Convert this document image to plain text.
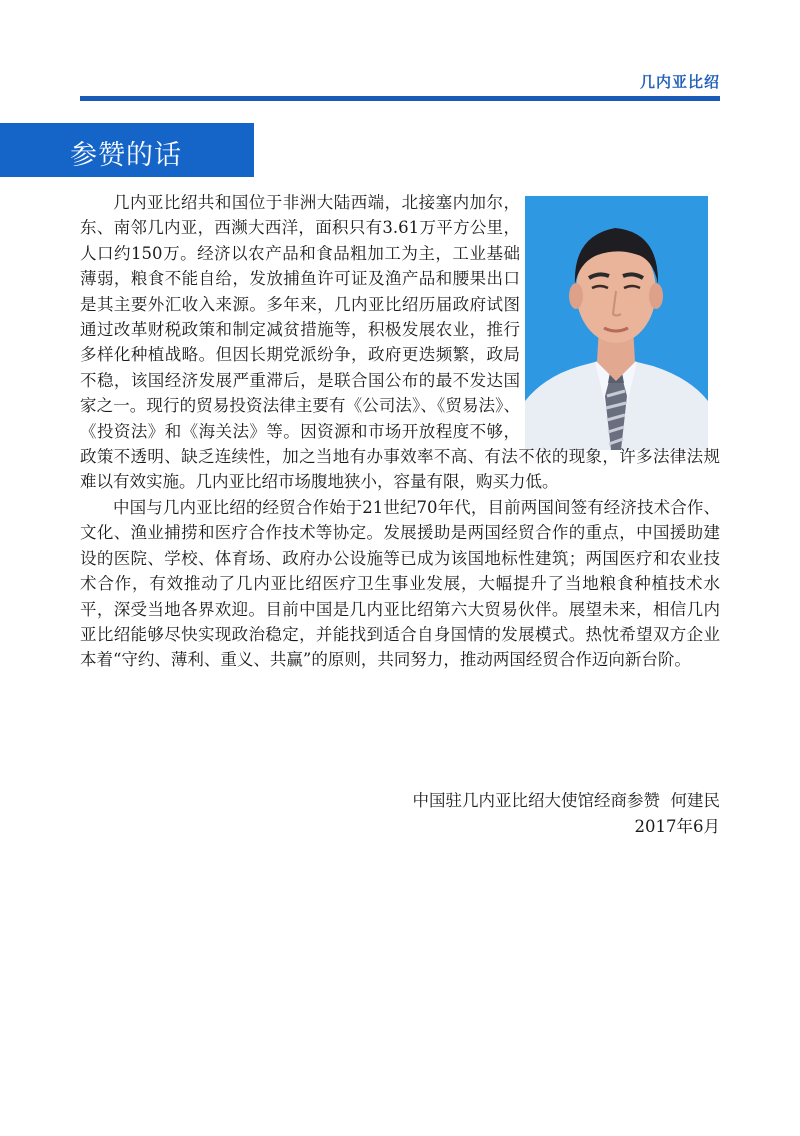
几内亚比绍
参赞的话

几内亚比绍共和国位于非洲大陆西端，北接塞内加尔，东、南邻几内亚，西濒大西洋，面积只有3.61万平方公里，人口约150万。经济以农产品和食品粗加工为主，工业基础薄弱，粮食不能自给，发放捕鱼许可证及渔产品和腰果出口是其主要外汇收入来源。多年来，几内亚比绍历届政府试图通过改革财税政策和制定减贫措施等，积极发展农业，推行多样化种植战略。但因长期党派纷争，政府更迭频繁，政局不稳，该国经济发展严重滞后，是联合国公布的最不发达国家之一。现行的贸易投资法律主要有《公司法》、《贸易法》、《投资法》和《海关法》等。因资源和市场开放程度不够，政策不透明、缺乏连续性，加之当地有办事效率不高、有法不依的现象，许多法律法规难以有效实施。几内亚比绍市场腹地狭小，容量有限，购买力低。

中国与几内亚比绍的经贸合作始于21世纪70年代，目前两国间签有经济技术合作、文化、渔业捕捞和医疗合作技术等协定。发展援助是两国经贸合作的重点，中国援助建设的医院、学校、体育场、政府办公设施等已成为该国地标性建筑；两国医疗和农业技术合作，有效推动了几内亚比绍医疗卫生事业发展，大幅提升了当地粮食种植技术水平，深受当地各界欢迎。目前中国是几内亚比绍第六大贸易伙伴。展望未来，相信几内亚比绍能够尽快实现政治稳定，并能找到适合自身国情的发展模式。热忱希望双方企业本着“守约、薄利、重义、共赢”的原则，共同努力，推动两国经贸合作迈向新台阶。

中国驻几内亚比绍大使馆经商参赞  何建民
2017年6月
